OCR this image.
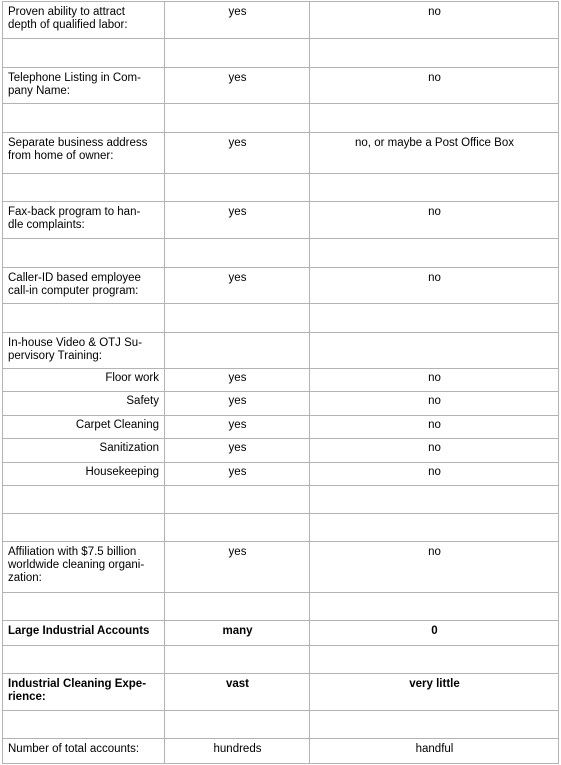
Proven ability to attract
depth of qualified labor:	yes	no

Telephone Listing in Com-
pany Name:	yes	no

Separate business address
from home of owner:	yes	no, or maybe a Post Office Box

Fax-back program to han-
dle complaints:	yes	no

Caller-ID based employee
call-in computer program:	yes	no

In-house Video & OTJ Su-
pervisory Training:		
Floor work	yes	no
Safety	yes	no
Carpet Cleaning	yes	no
Sanitization	yes	no
Housekeeping	yes	no

Affiliation with $7.5 billion
worldwide cleaning organi-
zation:	yes	no

Large Industrial Accounts	many	0

Industrial Cleaning Expe-
rience:	vast	very little

Number of total accounts:	hundreds	handful
